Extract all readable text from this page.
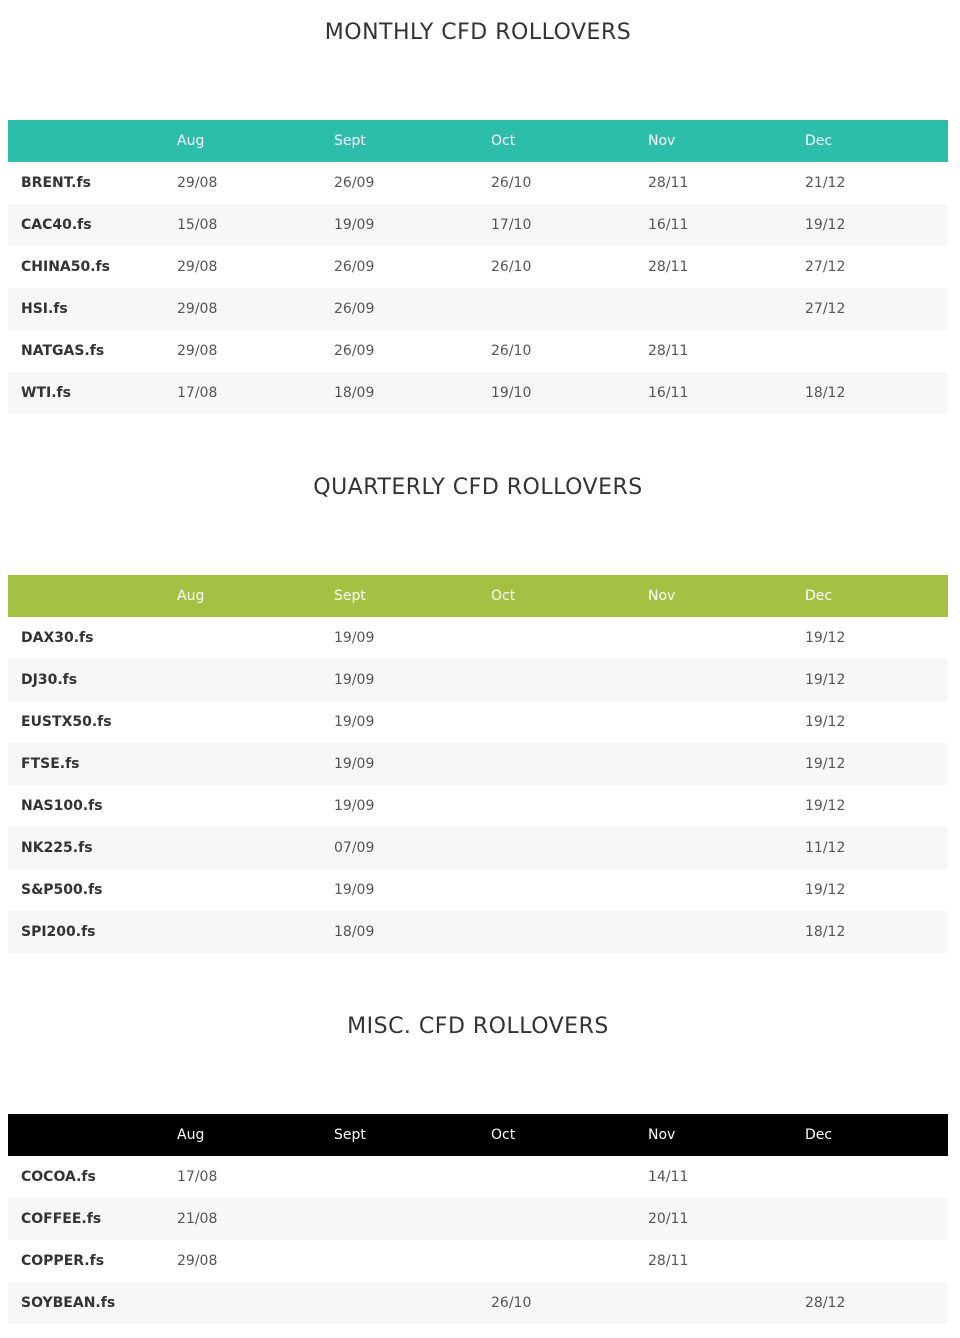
MONTHLY CFD ROLLOVERS
	Aug	Sept	Oct	Nov	Dec
BRENT.fs	29/08	26/09	26/10	28/11	21/12
CAC40.fs	15/08	19/09	17/10	16/11	19/12
CHINA50.fs	29/08	26/09	26/10	28/11	27/12
HSI.fs	29/08	26/09			27/12
NATGAS.fs	29/08	26/09	26/10	28/11	
WTI.fs	17/08	18/09	19/10	16/11	18/12
QUARTERLY CFD ROLLOVERS
	Aug	Sept	Oct	Nov	Dec
DAX30.fs		19/09			19/12
DJ30.fs		19/09			19/12
EUSTX50.fs		19/09			19/12
FTSE.fs		19/09			19/12
NAS100.fs		19/09			19/12
NK225.fs		07/09			11/12
S&P500.fs		19/09			19/12
SPI200.fs		18/09			18/12
MISC. CFD ROLLOVERS
	Aug	Sept	Oct	Nov	Dec
COCOA.fs	17/08			14/11	
COFFEE.fs	21/08			20/11	
COPPER.fs	29/08			28/11	
SOYBEAN.fs			26/10		28/12
